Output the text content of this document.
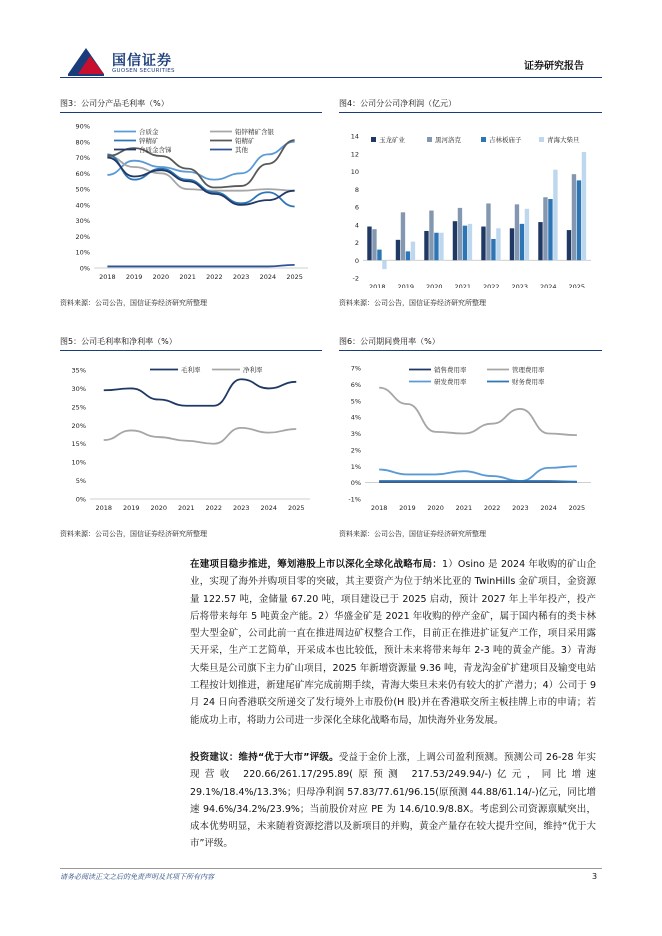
国信证券
GUOSEN SECURITIES	证券研究报告
图3：公司分产品毛利率（%）
0%
10%
20%
30%
40%
50%
60%
70%
80%
90%
2018 2019 2020 2021 2022 2023 2024 2025
合质金	铅锌精矿含银
锌精矿	铅精矿
合质金含锑	其他
资料来源：公司公告，国信证券经济研究所整理
图4：公司分公司净利润（亿元）
-2
0
2
4
6
8
10
12
14
2018 2019 2020 2021 2022 2023 2024 2025
玉龙矿业	黑河洛克	吉林板庙子	青海大柴旦
资料来源：公司公告，国信证券经济研究所整理
图5：公司毛利率和净利率（%）
0%
5%
10%
15%
20%
25%
30%
35%
2018 2019 2020 2021 2022 2023 2024 2025
毛利率	净利率
资料来源：公司公告，国信证券经济研究所整理
图6：公司期间费用率（%）
-1%
0%
1%
2%
3%
4%
5%
6%
7%
2018 2019 2020 2021 2022 2023 2024 2025
销售费用率	管理费用率
研发费用率	财务费用率
资料来源：公司公告，国信证券经济研究所整理
在建项目稳步推进，筹划港股上市以深化全球化战略布局：1）Osino 是 2024 年收购的矿山企业，实现了海外并购项目零的突破，其主要资产为位于纳米比亚的 TwinHills 金矿项目，金资源量 122.57 吨，金储量 67.20 吨，项目建设已于 2025 启动，预计 2027 年上半年投产，投产后将带来每年 5 吨黄金产能。2）华盛金矿是 2021 年收购的停产金矿，属于国内稀有的类卡林型大型金矿，公司此前一直在推进周边矿权整合工作，目前正在推进扩证复产工作，项目采用露天开采，生产工艺简单，开采成本也比较低，预计未来将带来每年 2-3 吨的黄金产能。3）青海大柴旦是公司旗下主力矿山项目，2025 年新增资源量 9.36 吨，青龙沟金矿扩建项目及输变电站工程按计划推进，新建尾矿库完成前期手续，青海大柴旦未来仍有较大的扩产潜力；4）公司于 9 月 24 日向香港联交所递交了发行境外上市股份(H 股)并在香港联交所主板挂牌上市的申请；若能成功上市，将助力公司进一步深化全球化战略布局，加快海外业务发展。
投资建议：维持“优于大市”评级。受益于金价上涨，上调公司盈利预测。预测公司 26-28 年实现营收 220.66/261.17/295.89(原预测 217.53/249.94/-)亿元，同比增速 29.1%/18.4%/13.3%；归母净利润 57.83/77.61/96.15(原预测 44.88/61.14/-)亿元，同比增速 94.6%/34.2%/23.9%；当前股价对应 PE 为 14.6/10.9/8.8X。考虑到公司资源禀赋突出，成本优势明显，未来随着资源挖潜以及新项目的并购，黄金产量存在较大提升空间，维持“优于大市”评级。
请务必阅读正文之后的免责声明及其项下所有内容	3
